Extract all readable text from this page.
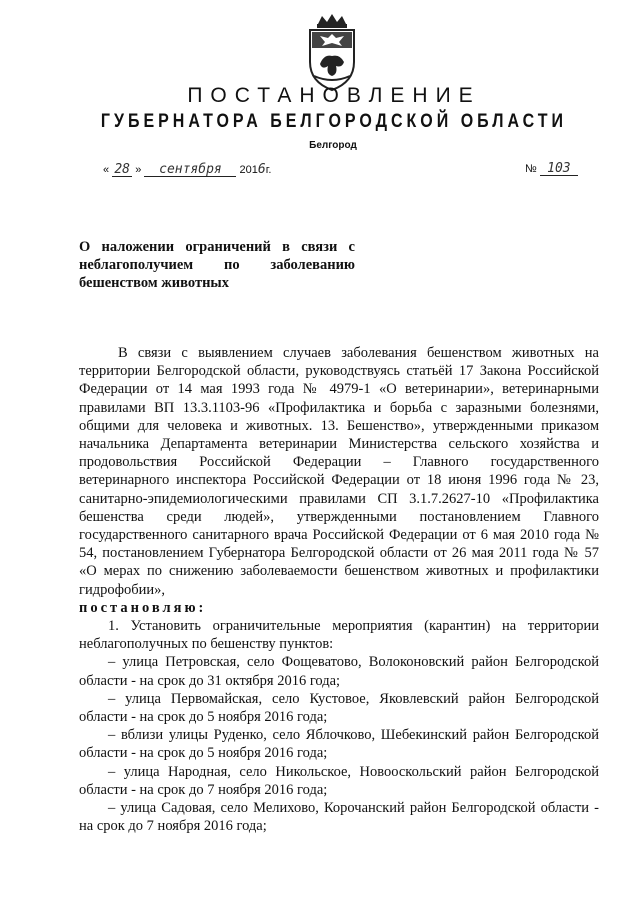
ПОСТАНОВЛЕНИЕ
ГУБЕРНАТОРА БЕЛГОРОДСКОЙ ОБЛАСТИ
Белгород
« 28 » сентября 2016г.	№ 103
О наложении ограничений в связи с
неблагополучием по заболеванию
бешенством животных

В связи с выявлением случаев заболевания бешенством животных на территории Белгородской области, руководствуясь статьёй 17 Закона Российской Федерации от 14 мая 1993 года № 4979-1 «О ветеринарии», ветеринарными правилами ВП 13.3.1103-96 «Профилактика и борьба с заразными болезнями, общими для человека и животных. 13. Бешенство», утвержденными приказом начальника Департамента ветеринарии Министерства сельского хозяйства и продовольствия Российской Федерации – Главного государственного ветеринарного инспектора Российской Федерации от 18 июня 1996 года № 23, санитарно-эпидемиологическими правилами СП 3.1.7.2627-10 «Профилактика бешенства среди людей», утвержденными постановлением Главного государственного санитарного врача Российской Федерации от 6 мая 2010 года № 54, постановлением Губернатора Белгородской области от 26 мая 2011 года № 57 «О мерах по снижению заболеваемости бешенством животных и профилактики гидрофобии»,

постановляю:

1. Установить ограничительные мероприятия (карантин) на территории неблагополучных по бешенству пунктов:

– улица Петровская, село Фощеватово, Волоконовский район Белгородской области - на срок до 31 октября 2016 года;

– улица Первомайская, село Кустовое, Яковлевский район Белгородской области - на срок до 5 ноября 2016 года;

– вблизи улицы Руденко, село Яблочково, Шебекинский район Белгородской области - на срок до 5 ноября 2016 года;

– улица Народная, село Никольское, Новооскольский район Белгородской области - на срок до 7 ноября 2016 года;

– улица Садовая, село Мелихово, Корочанский район Белгородской области - на срок до 7 ноября 2016 года;
